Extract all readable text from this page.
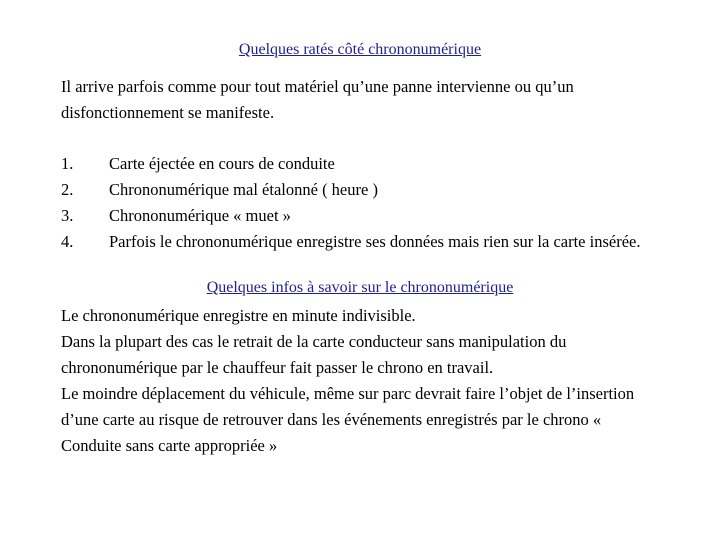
Quelques ratés côté chrononumérique
Il arrive parfois comme pour tout matériel qu’une panne intervienne ou qu’un disfonctionnement se manifeste.
1.	Carte éjectée en cours de conduite
2.	Chrononumérique mal étalonné ( heure )
3.	Chrononumérique « muet »
4.	Parfois le chrononumérique enregistre ses données mais rien sur la carte insérée.
Quelques infos à savoir sur le chrononumérique

Le chrononumérique enregistre en minute indivisible.

Dans la plupart des cas le retrait de la carte conducteur sans manipulation du chrononumérique par le chauffeur fait passer le chrono en travail.

Le moindre déplacement du véhicule, même sur parc devrait faire l’objet de l’insertion d’une carte au risque de retrouver dans les événements enregistrés par le chrono « Conduite sans carte appropriée »
